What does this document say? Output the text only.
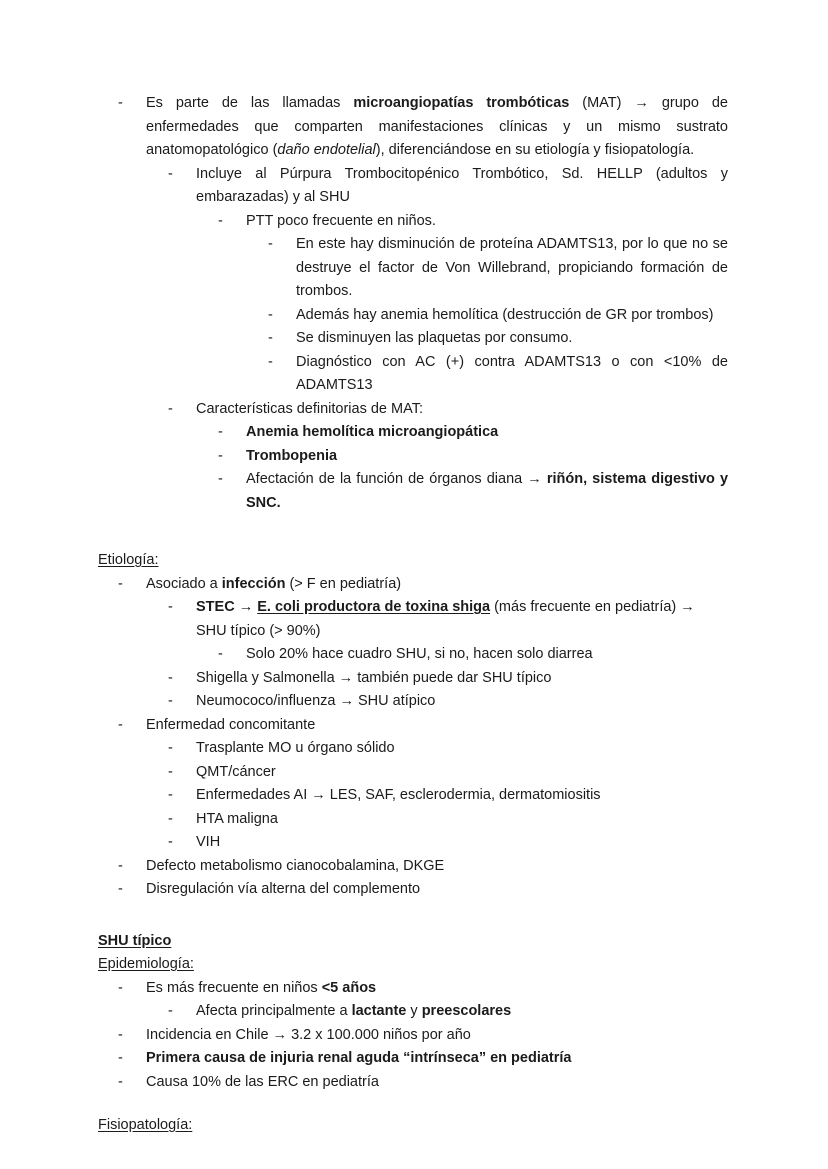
-	Es parte de las llamadas microangiopatías trombóticas (MAT) → grupo de enfermedades que comparten manifestaciones clínicas y un mismo sustrato anatomopatológico (daño endotelial), diferenciándose en su etiología y fisiopatología.
-	Incluye al Púrpura Trombocitopénico Trombótico, Sd. HELLP (adultos y embarazadas) y al SHU
-	PTT poco frecuente en niños.
-	En este hay disminución de proteína ADAMTS13, por lo que no se destruye el factor de Von Willebrand, propiciando formación de trombos.
-	Además hay anemia hemolítica (destrucción de GR por trombos)
-	Se disminuyen las plaquetas por consumo.
-	Diagnóstico con AC (+) contra ADAMTS13 o con <10% de ADAMTS13
-	Características definitorias de MAT:
-	Anemia hemolítica microangiopática
-	Trombopenia
-	Afectación de la función de órganos diana → riñón, sistema digestivo y SNC.
Etiología:
-	Asociado a infección (> F en pediatría)
-	STEC → E. coli productora de toxina shiga (más frecuente en pediatría) → SHU típico (> 90%)
-	Solo 20% hace cuadro SHU, si no, hacen solo diarrea
-	Shigella y Salmonella → también puede dar SHU típico
-	Neumococo/influenza → SHU atípico
-	Enfermedad concomitante
-	Trasplante MO u órgano sólido
-	QMT/cáncer
-	Enfermedades AI → LES, SAF, esclerodermia, dermatomiositis
-	HTA maligna
-	VIH
-	Defecto metabolismo cianocobalamina, DKGE
-	Disregulación vía alterna del complemento
SHU típico
Epidemiología:
-	Es más frecuente en niños <5 años
-	Afecta principalmente a lactante y preescolares
-	Incidencia en Chile → 3.2 x 100.000 niños por año
-	Primera causa de injuria renal aguda “intrínseca” en pediatría
-	Causa 10% de las ERC en pediatría
Fisiopatología:
